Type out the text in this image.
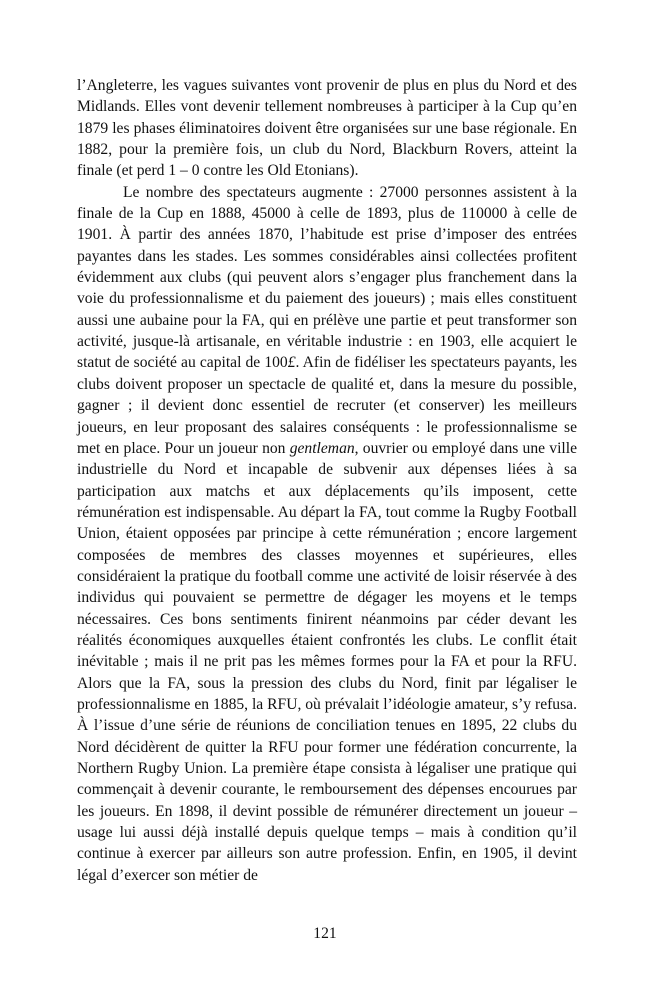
l’Angleterre, les vagues suivantes vont provenir de plus en plus du Nord et des Midlands. Elles vont devenir tellement nombreuses à participer à la Cup qu’en 1879 les phases éliminatoires doivent être organisées sur une base régionale. En 1882, pour la première fois, un club du Nord, Blackburn Rovers, atteint la finale (et perd 1 – 0 contre les Old Etonians).

Le nombre des spectateurs augmente : 27000 personnes assistent à la finale de la Cup en 1888, 45000 à celle de 1893, plus de 110000 à celle de 1901. À partir des années 1870, l’habitude est prise d’imposer des entrées payantes dans les stades. Les sommes considérables ainsi collectées profitent évidemment aux clubs (qui peuvent alors s’engager plus franchement dans la voie du professionnalisme et du paiement des joueurs) ; mais elles constituent aussi une aubaine pour la FA, qui en prélève une partie et peut transformer son activité, jusque-là artisanale, en véritable industrie : en 1903, elle acquiert le statut de société au capital de 100£. Afin de fidéliser les spectateurs payants, les clubs doivent proposer un spectacle de qualité et, dans la mesure du possible, gagner ; il devient donc essentiel de recruter (et conserver) les meilleurs joueurs, en leur proposant des salaires conséquents : le professionnalisme se met en place. Pour un joueur non gentleman, ouvrier ou employé dans une ville industrielle du Nord et incapable de subvenir aux dépenses liées à sa participation aux matchs et aux déplacements qu’ils imposent, cette rémunération est indispensable. Au départ la FA, tout comme la Rugby Football Union, étaient opposées par principe à cette rémunération ; encore largement composées de membres des classes moyennes et supérieures, elles considéraient la pratique du football comme une activité de loisir réservée à des individus qui pouvaient se permettre de dégager les moyens et le temps nécessaires. Ces bons sentiments finirent néanmoins par céder devant les réalités économiques auxquelles étaient confrontés les clubs. Le conflit était inévitable ; mais il ne prit pas les mêmes formes pour la FA et pour la RFU. Alors que la FA, sous la pression des clubs du Nord, finit par légaliser le professionnalisme en 1885, la RFU, où prévalait l’idéologie amateur, s’y refusa. À l’issue d’une série de réunions de conciliation tenues en 1895, 22 clubs du Nord décidèrent de quitter la RFU pour former une fédération concurrente, la Northern Rugby Union. La première étape consista à légaliser une pratique qui commençait à devenir courante, le remboursement des dépenses encourues par les joueurs. En 1898, il devint possible de rémunérer directement un joueur – usage lui aussi déjà installé depuis quelque temps – mais à condition qu’il continue à exercer par ailleurs son autre profession. Enfin, en 1905, il devint légal d’exercer son métier de

121
